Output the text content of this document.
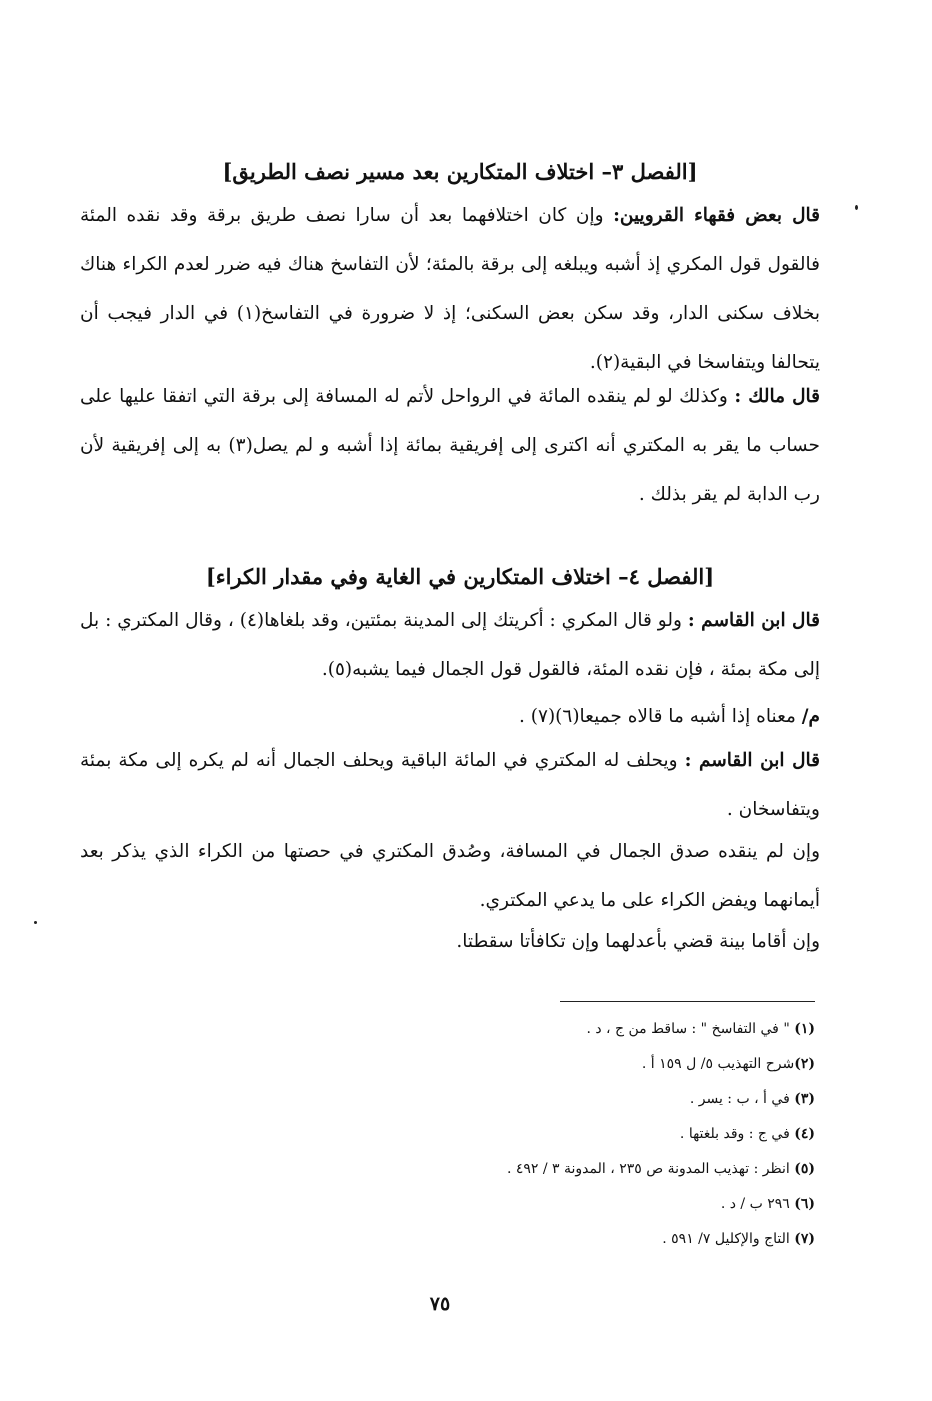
[الفصل ٣– اختلاف المتكارين بعد مسير نصف الطريق]
قال بعض فقهاء القرويين: وإن كان اختلافهما بعد أن سارا نصف طريق برقة وقد نقده المئة فالقول قول المكري إذ أشبه ويبلغه إلى برقة بالمئة؛ لأن التفاسخ هناك فيه ضرر لعدم الكراء هناك بخلاف سكنى الدار، وقد سكن بعض السكنى؛ إذ لا ضرورة في التفاسخ(١) في الدار فيجب أن يتحالفا ويتفاسخا في البقية(٢).
قال مالك : وكذلك لو لم ينقده المائة في الرواحل لأتم له المسافة إلى برقة التي اتفقا عليها على حساب ما يقر به المكتري أنه اكترى إلى إفريقية بمائة إذا أشبه و لم يصل(٣) به إلى إفريقية لأن رب الدابة لم يقر بذلك .
[الفصل ٤– اختلاف المتكارين في الغاية وفي مقدار الكراء]
قال ابن القاسم : ولو قال المكري : أكريتك إلى المدينة بمئتين، وقد بلغاها(٤) ، وقال المكتري : بل إلى مكة بمئة ، فإن نقده المئة، فالقول قول الجمال فيما يشبه(٥).
م/ معناه إذا أشبه ما قالاه جميعا(٦)(٧) .
قال ابن القاسم : ويحلف له المكتري في المائة الباقية ويحلف الجمال أنه لم يكره إلى مكة بمئة ويتفاسخان .
وإن لم ينقده صدق الجمال في المسافة، وصُدق المكتري في حصتها من الكراء الذي يذكر بعد أيمانهما ويفض الكراء على ما يدعي المكتري.
وإن أقاما بينة قضي بأعدلهما وإن تكافأتا سقطتا.
(١) " في التفاسخ " : ساقط من ج ، د .
(٢)شرح التهذيب ٥/ ل ١٥٩ أ .
(٣) في أ ، ب : يسر .
(٤) في ج : وقد بلغتها .
(٥) انظر : تهذيب المدونة ص ٢٣٥ ، المدونة ٣ / ٤٩٢ .
(٦) ٢٩٦ ب / د .
(٧) التاج والإكليل ٧/ ٥٩١ .
٧٥
